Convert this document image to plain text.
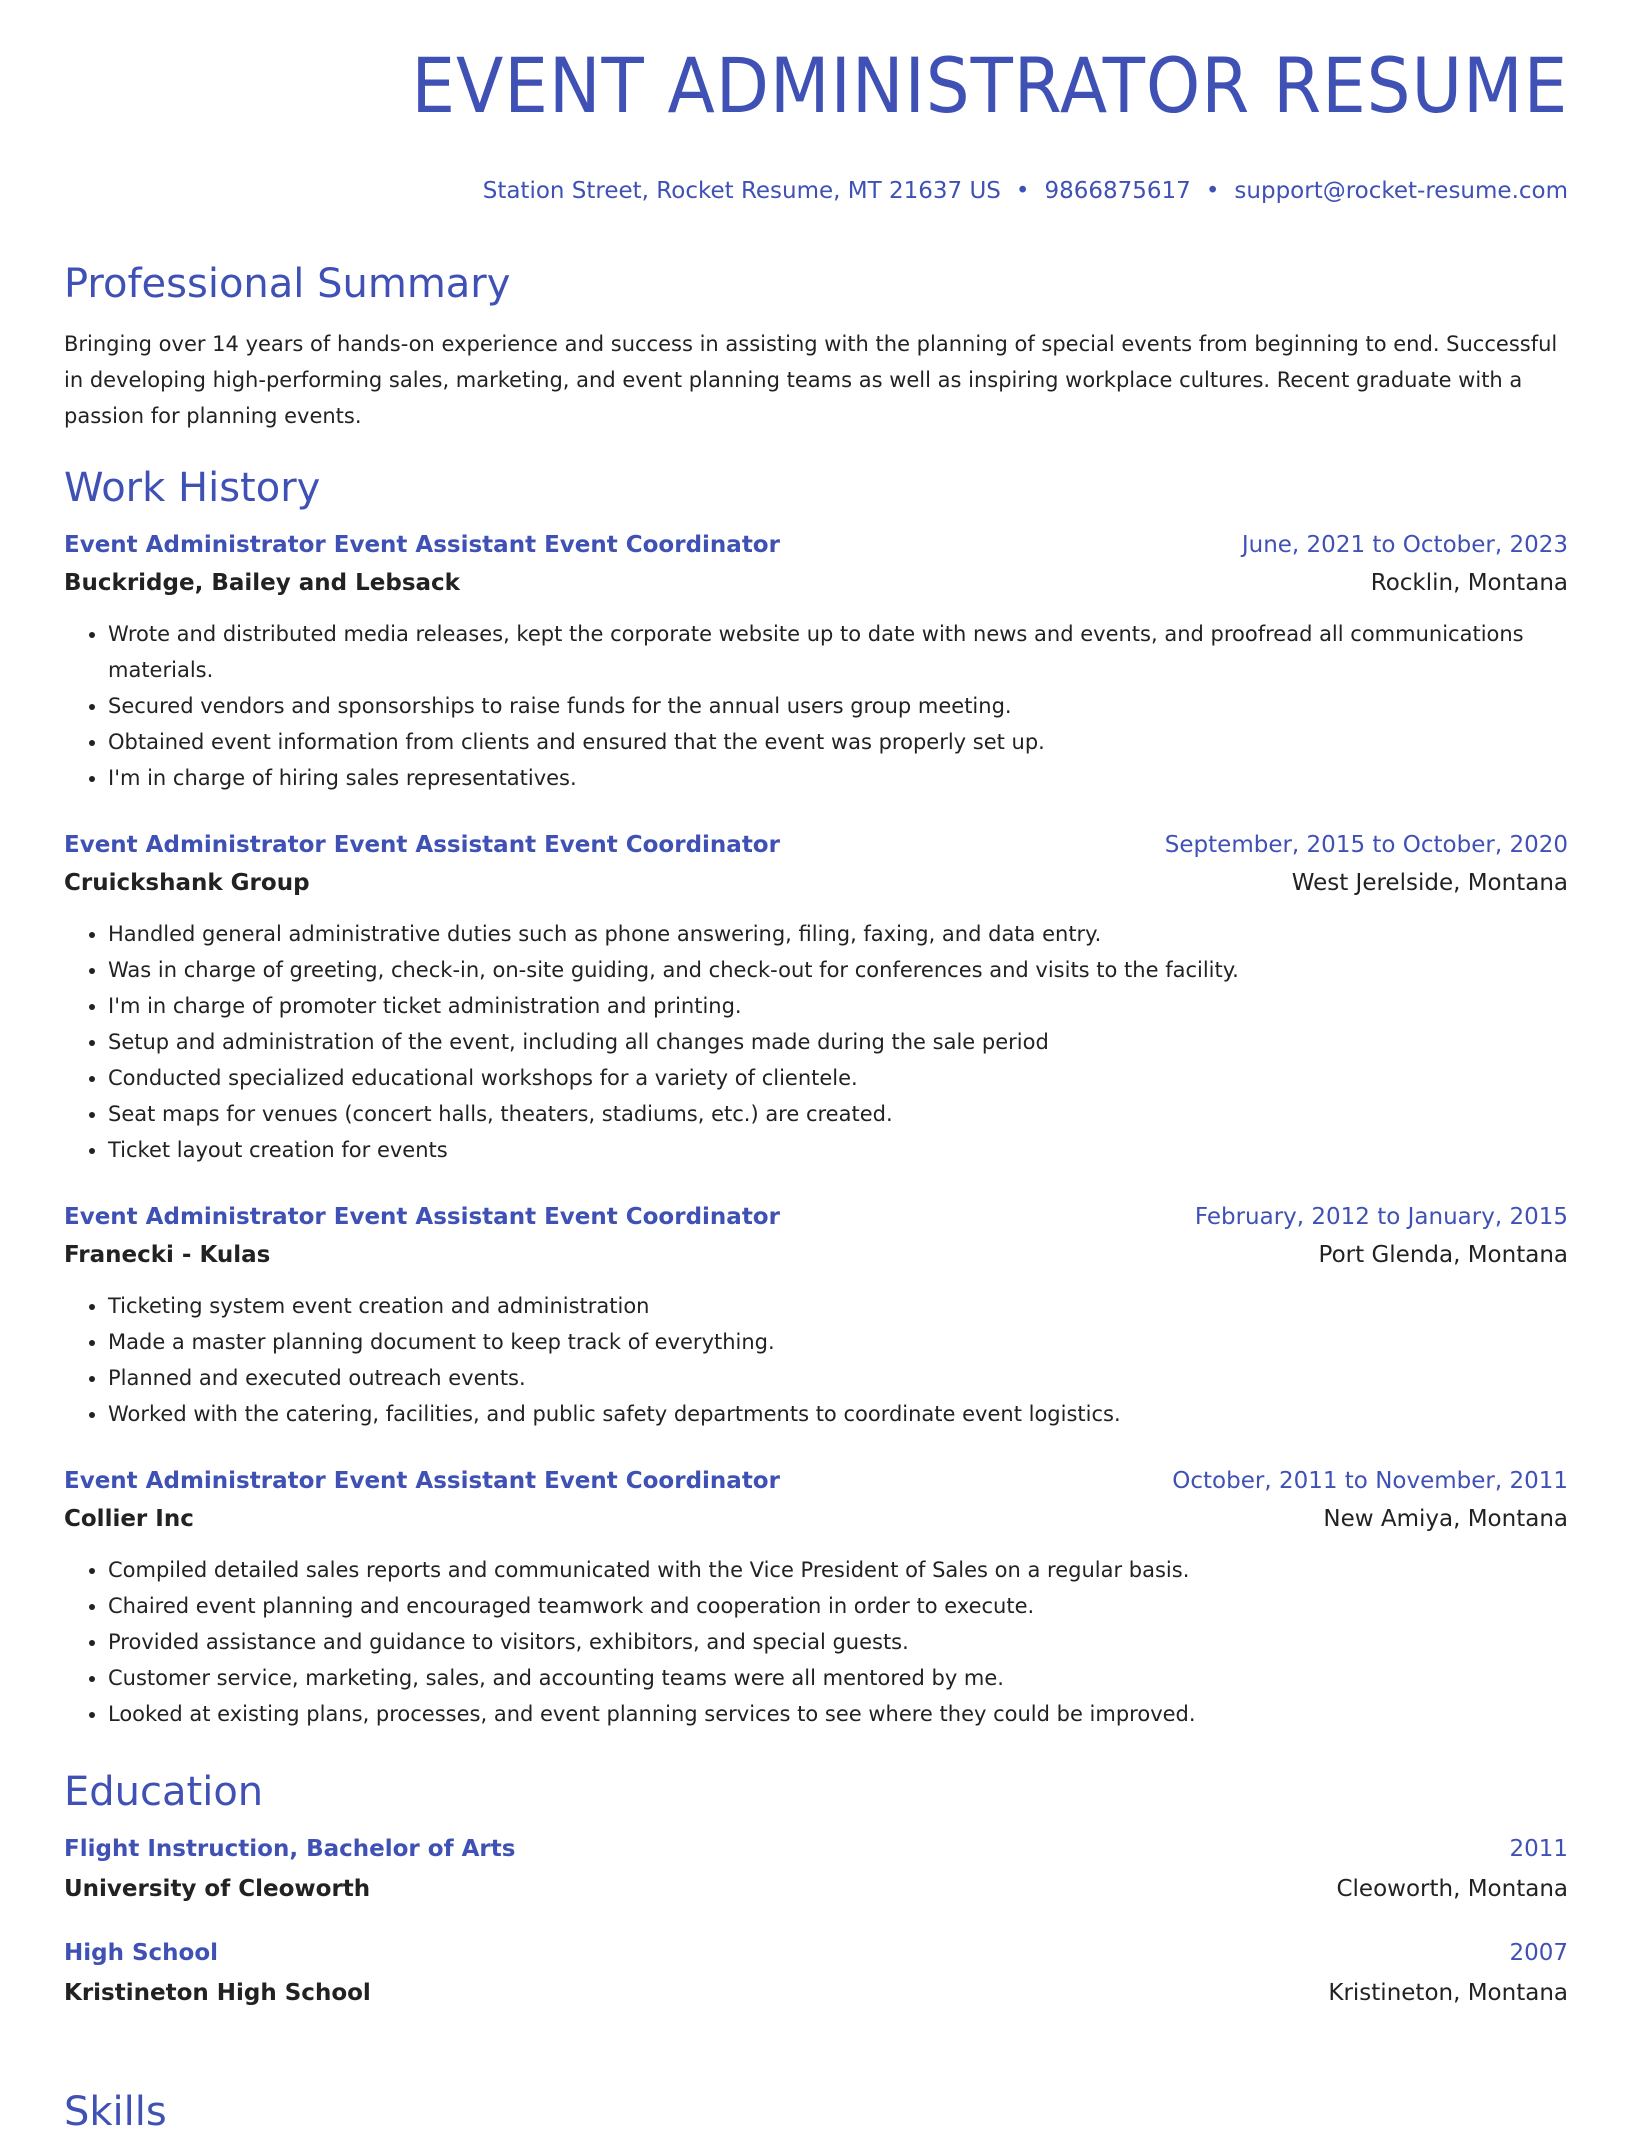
EVENT ADMINISTRATOR RESUME
Station Street, Rocket Resume, MT 21637 US • 9866875617 • support@rocket-resume.com
Professional Summary

Bringing over 14 years of hands-on experience and success in assisting with the planning of special events from beginning to end. Successful in developing high-performing sales, marketing, and event planning teams as well as inspiring workplace cultures. Recent graduate with a passion for planning events.

Work History
Event Administrator Event Assistant Event Coordinator	June, 2021 to October, 2023
Buckridge, Bailey and Lebsack	Rocklin, Montana
• Wrote and distributed media releases, kept the corporate website up to date with news and events, and proofread all communications materials.
• Secured vendors and sponsorships to raise funds for the annual users group meeting.
• Obtained event information from clients and ensured that the event was properly set up.
• I'm in charge of hiring sales representatives.
Event Administrator Event Assistant Event Coordinator	September, 2015 to October, 2020
Cruickshank Group	West Jerelside, Montana
• Handled general administrative duties such as phone answering, filing, faxing, and data entry.
• Was in charge of greeting, check-in, on-site guiding, and check-out for conferences and visits to the facility.
• I'm in charge of promoter ticket administration and printing.
• Setup and administration of the event, including all changes made during the sale period
• Conducted specialized educational workshops for a variety of clientele.
• Seat maps for venues (concert halls, theaters, stadiums, etc.) are created.
• Ticket layout creation for events
Event Administrator Event Assistant Event Coordinator	February, 2012 to January, 2015
Franecki - Kulas	Port Glenda, Montana
• Ticketing system event creation and administration
• Made a master planning document to keep track of everything.
• Planned and executed outreach events.
• Worked with the catering, facilities, and public safety departments to coordinate event logistics.
Event Administrator Event Assistant Event Coordinator	October, 2011 to November, 2011
Collier Inc	New Amiya, Montana
• Compiled detailed sales reports and communicated with the Vice President of Sales on a regular basis.
• Chaired event planning and encouraged teamwork and cooperation in order to execute.
• Provided assistance and guidance to visitors, exhibitors, and special guests.
• Customer service, marketing, sales, and accounting teams were all mentored by me.
• Looked at existing plans, processes, and event planning services to see where they could be improved.
Education
Flight Instruction, Bachelor of Arts	2011
University of Cleoworth	Cleoworth, Montana
High School	2007
Kristineton High School	Kristineton, Montana
Skills
